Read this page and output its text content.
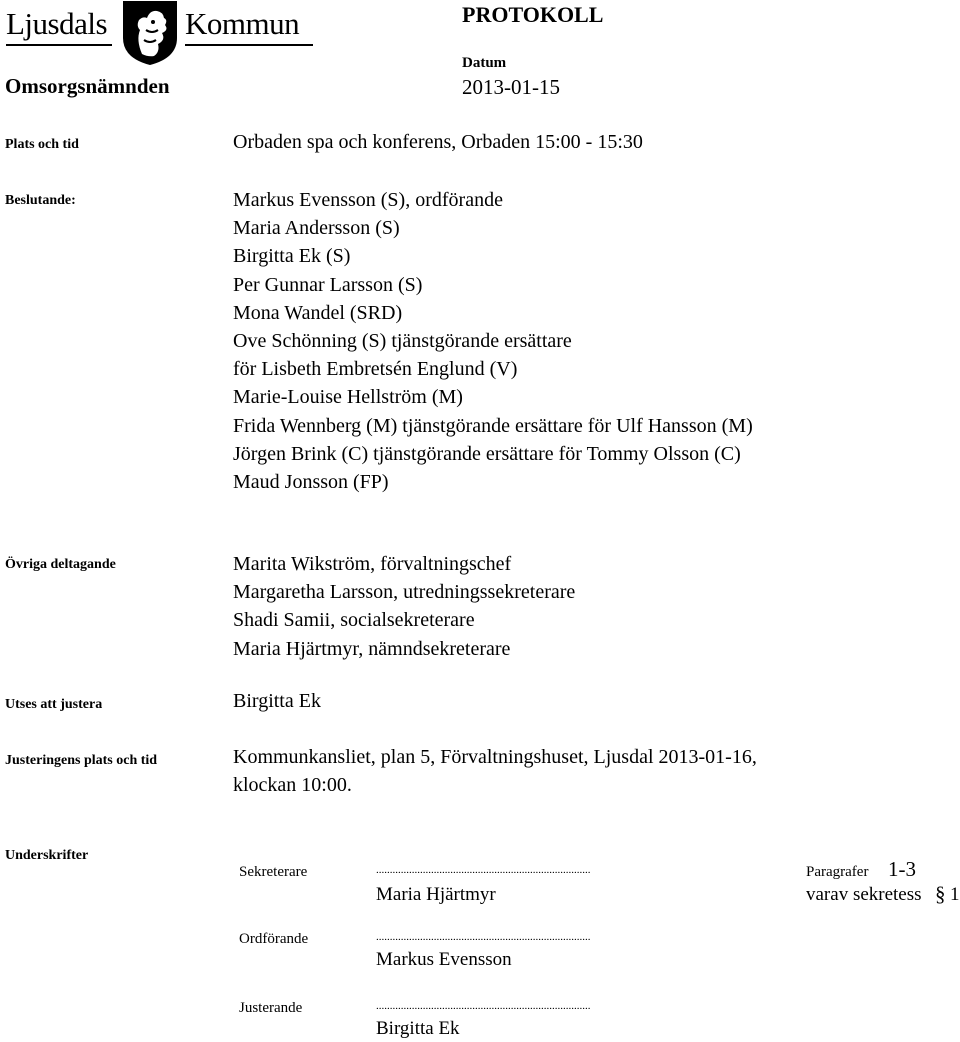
Ljusdals	Kommun
Omsorgsnämnden
PROTOKOLL
Datum
2013-01-15
Plats och tid	Orbaden spa och konferens, Orbaden 15:00 - 15:30
Beslutande:	Markus Evensson (S), ordförande
Maria Andersson (S)
Birgitta Ek (S)
Per Gunnar Larsson (S)
Mona Wandel (SRD)
Ove Schönning (S) tjänstgörande ersättare
för Lisbeth Embretsén Englund (V)
Marie-Louise Hellström (M)
Frida Wennberg (M) tjänstgörande ersättare för Ulf Hansson (M)
Jörgen Brink (C) tjänstgörande ersättare för Tommy Olsson (C)
Maud Jonsson (FP)
Övriga deltagande	Marita Wikström, förvaltningschef
Margaretha Larsson, utredningssekreterare
Shadi Samii, socialsekreterare
Maria Hjärtmyr, nämndsekreterare
Utses att justera	Birgitta Ek
Justeringens plats och tid	Kommunkansliet, plan 5, Förvaltningshuset, Ljusdal 2013-01-16,
klockan 10:00.
Underskrifter
Sekreterare	..............................................................................
Maria Hjärtmyr
Paragrafer 1-3
varav sekretess § 1
Ordförande	..............................................................................
Markus Evensson
Justerande	..............................................................................
Birgitta Ek
